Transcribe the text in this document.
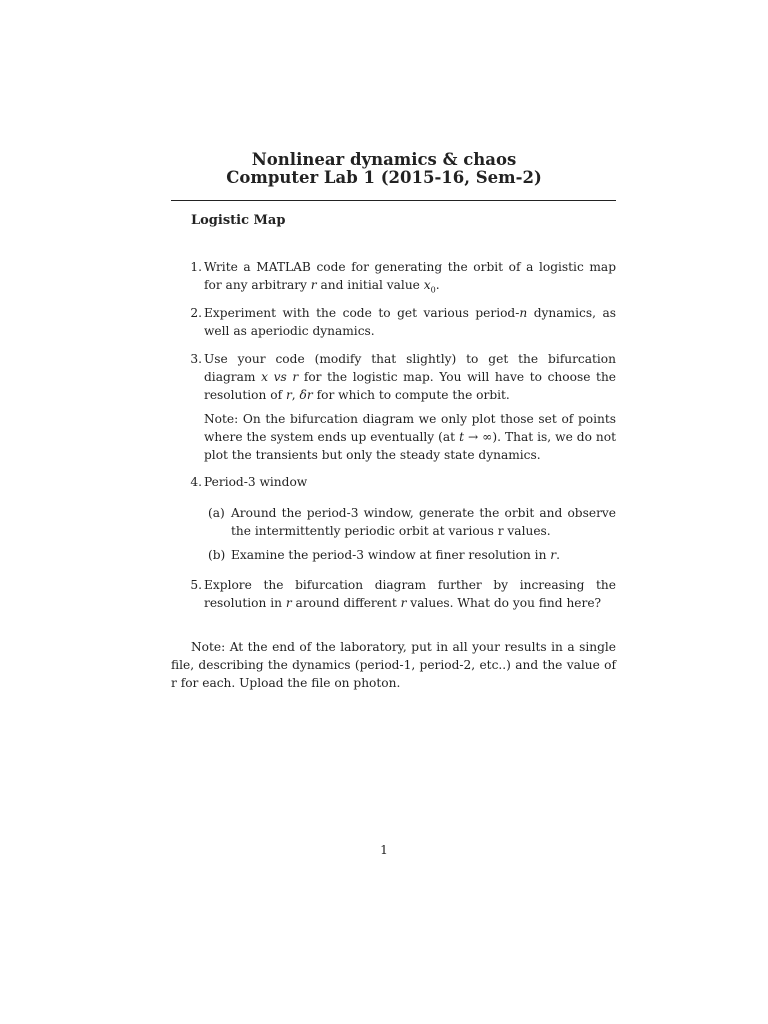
Nonlinear dynamics & chaos
Computer Lab 1 (2015-16, Sem-2)
Logistic Map
1. Write a MATLAB code for generating the orbit of a logistic map for any arbitrary r and initial value $x_0$.
2. Experiment with the code to get various period-n dynamics, as well as aperiodic dynamics.
3. Use your code (modify that slightly) to get the bifurcation diagram x vs r for the logistic map. You will have to choose the resolution of r, δr for which to compute the orbit.
Note: On the bifurcation diagram we only plot those set of points where the system ends up eventually (at t → ∞). That is, we do not plot the transients but only the steady state dynamics.
4. Period-3 window
(a) Around the period-3 window, generate the orbit and observe the intermittently periodic orbit at various r values.
(b) Examine the period-3 window at finer resolution in r.
5. Explore the bifurcation diagram further by increasing the resolution in r around different r values. What do you find here?
Note: At the end of the laboratory, put in all your results in a single file, describing the dynamics (period-1, period-2, etc..) and the value of r for each. Upload the file on photon.
1
